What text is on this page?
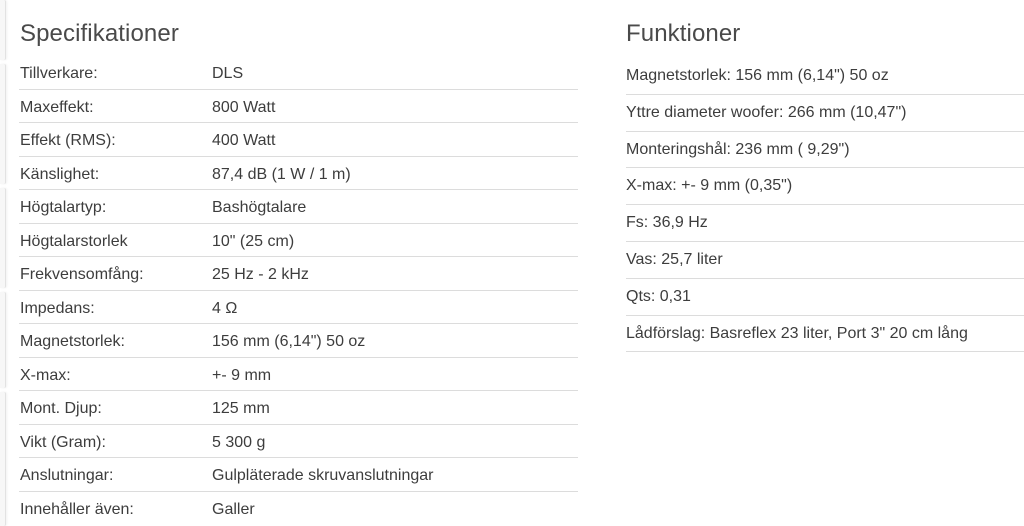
Specifikationer
Tillverkare:	DLS
Maxeffekt:	800 Watt
Effekt (RMS):	400 Watt
Känslighet:	87,4 dB (1 W / 1 m)
Högtalartyp:	Bashögtalare
Högtalarstorlek	10" (25 cm)
Frekvensomfång:	25 Hz - 2 kHz
Impedans:	4 Ω
Magnetstorlek:	156 mm (6,14") 50 oz
X-max:	+- 9 mm
Mont. Djup:	125 mm
Vikt (Gram):	5 300 g
Anslutningar:	Gulpläterade skruvanslutningar
Innehåller även:	Galler
Funktioner
Magnetstorlek: 156 mm (6,14") 50 oz
Yttre diameter woofer: 266 mm (10,47")
Monteringshål: 236 mm ( 9,29")
X-max: +- 9 mm (0,35")
Fs: 36,9 Hz
Vas: 25,7 liter
Qts: 0,31
Lådförslag: Basreflex 23 liter, Port 3" 20 cm lång
